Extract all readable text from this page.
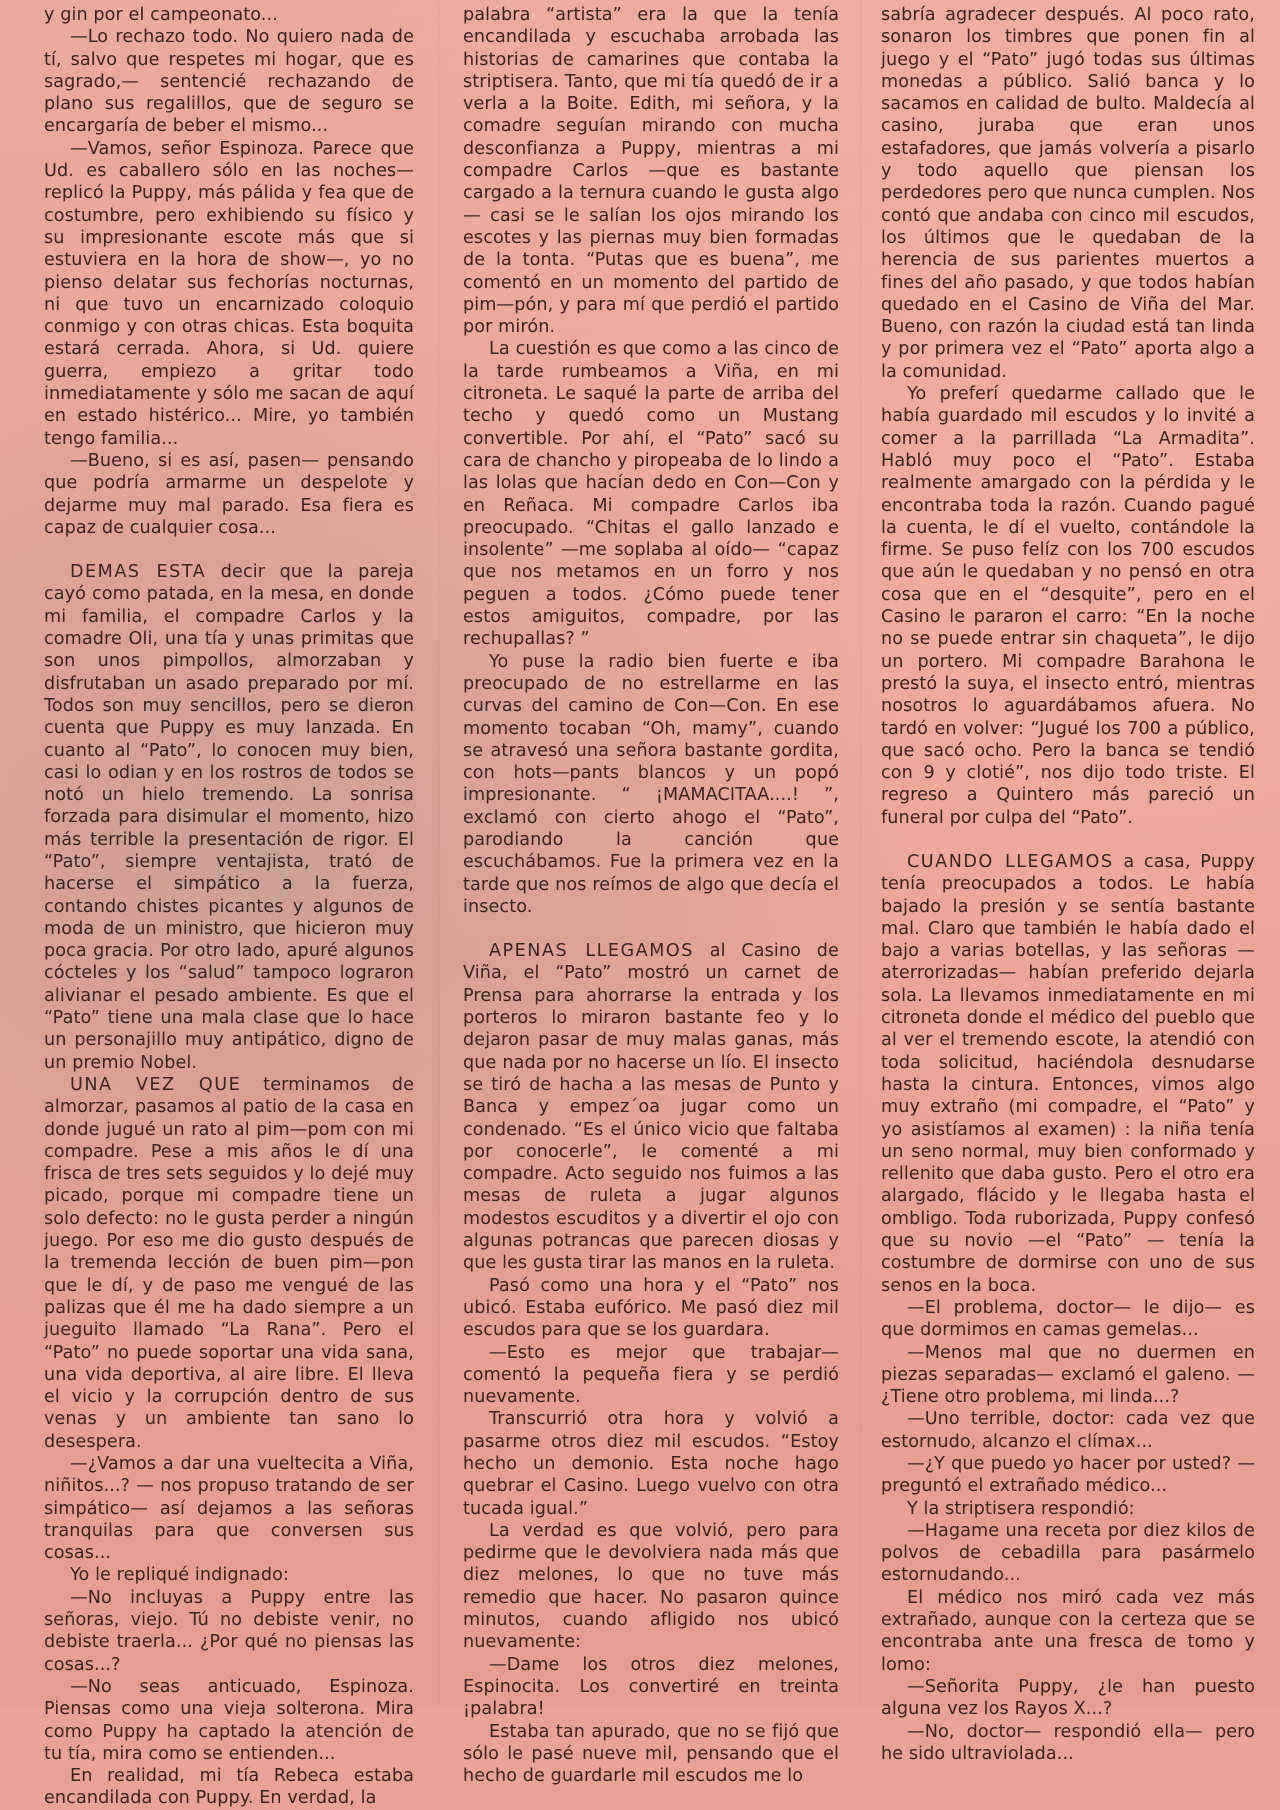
y gin por el campeonato...

—Lo rechazo todo. No quiero nada de tí, salvo que respetes mi hogar, que es sagrado,— sentencié rechazando de plano sus regalillos, que de seguro se encargaría de beber el mismo...

—Vamos, señor Espinoza. Parece que Ud. es caballero sólo en las noches— replicó la Puppy, más pálida y fea que de costumbre, pero exhibiendo su físico y su impresionante escote más que si estuviera en la hora de show—, yo no pienso delatar sus fechorías nocturnas, ni que tuvo un encarnizado coloquio conmigo y con otras chicas. Esta boquita estará cerrada. Ahora, si Ud. quiere guerra, empiezo a gritar todo inmediatamente y sólo me sacan de aquí en estado histérico... Mire, yo también tengo familia...

—Bueno, si es así, pasen— pensando que podría armarme un despelote y dejarme muy mal parado. Esa fiera es capaz de cualquier cosa...

DEMAS ESTA decir que la pareja cayó como patada, en la mesa, en donde mi familia, el compadre Carlos y la comadre Oli, una tía y unas primitas que son unos pimpollos, almorzaban y disfrutaban un asado preparado por mí. Todos son muy sencillos, pero se dieron cuenta que Puppy es muy lanzada. En cuanto al “Pato”, lo conocen muy bien, casi lo odian y en los rostros de todos se notó un hielo tremendo. La sonrisa forzada para disimular el momento, hizo más terrible la presentación de rigor. El “Pato”, siempre ventajista, trató de hacerse el simpático a la fuerza, contando chistes picantes y algunos de moda de un ministro, que hicieron muy poca gracia. Por otro lado, apuré algunos cócteles y los “salud” tampoco lograron alivianar el pesado ambiente. Es que el “Pato” tiene una mala clase que lo hace un personajillo muy antipático, digno de un premio Nobel.

UNA VEZ QUE terminamos de almorzar, pasamos al patio de la casa en donde jugué un rato al pim—pom con mi compadre. Pese a mis años le dí una frisca de tres sets seguidos y lo dejé muy picado, porque mi compadre tiene un solo defecto: no le gusta perder a ningún juego. Por eso me dio gusto después de la tremenda lección de buen pim—pon que le dí, y de paso me vengué de las palizas que él me ha dado siempre a un jueguito llamado “La Rana”. Pero el “Pato” no puede soportar una vida sana, una vida deportiva, al aire libre. El lleva el vicio y la corrupción dentro de sus venas y un ambiente tan sano lo desespera.

—¿Vamos a dar una vueltecita a Viña, niñitos...? — nos propuso tratando de ser simpático— así dejamos a las señoras tranquilas para que conversen sus cosas...

Yo le repliqué indignado:

—No incluyas a Puppy entre las señoras, viejo. Tú no debiste venir, no debiste traerla... ¿Por qué no piensas las cosas...?

—No seas anticuado, Espinoza. Piensas como una vieja solterona. Mira como Puppy ha captado la atención de tu tía, mira como se entienden...

En realidad, mi tía Rebeca estaba encandilada con Puppy. En verdad, la

palabra “artista” era la que la tenía encandilada y escuchaba arrobada las historias de camarines que contaba la striptisera. Tanto, que mi tía quedó de ir a verla a la Boite. Edith, mi señora, y la comadre seguían mirando con mucha desconfianza a Puppy, mientras a mi compadre Carlos —que es bastante cargado a la ternura cuando le gusta algo— casi se le salían los ojos mirando los escotes y las piernas muy bien formadas de la tonta. “Putas que es buena”, me comentó en un momento del partido de pim—pón, y para mí que perdió el partido por mirón.

La cuestión es que como a las cinco de la tarde rumbeamos a Viña, en mi citroneta. Le saqué la parte de arriba del techo y quedó como un Mustang convertible. Por ahí, el “Pato” sacó su cara de chancho y piropeaba de lo lindo a las lolas que hacían dedo en Con—Con y en Reñaca. Mi compadre Carlos iba preocupado. “Chitas el gallo lanzado e insolente” —me soplaba al oído— “capaz que nos metamos en un forro y nos peguen a todos. ¿Cómo puede tener estos amiguitos, compadre, por las rechupallas? ”

Yo puse la radio bien fuerte e iba preocupado de no estrellarme en las curvas del camino de Con—Con. En ese momento tocaban “Oh, mamy”, cuando se atravesó una señora bastante gordita, con hots—pants blancos y un popó impresionante. “ ¡MAMACITAA....! ”, exclamó con cierto ahogo el “Pato”, parodiando la canción que escuchábamos. Fue la primera vez en la tarde que nos reímos de algo que decía el insecto.

APENAS LLEGAMOS al Casino de Viña, el “Pato” mostró un carnet de Prensa para ahorrarse la entrada y los porteros lo miraron bastante feo y lo dejaron pasar de muy malas ganas, más que nada por no hacerse un lío. El insecto se tiró de hacha a las mesas de Punto y Banca y empez´oa jugar como un condenado. “Es el único vicio que faltaba por conocerle”, le comenté a mi compadre. Acto seguido nos fuimos a las mesas de ruleta a jugar algunos modestos escuditos y a divertir el ojo con algunas potrancas que parecen diosas y que les gusta tirar las manos en la ruleta.

Pasó como una hora y el “Pato” nos ubicó. Estaba eufórico. Me pasó diez mil escudos para que se los guardara.

—Esto es mejor que trabajar— comentó la pequeña fiera y se perdió nuevamente.

Transcurrió otra hora y volvió a pasarme otros diez mil escudos. “Estoy hecho un demonio. Esta noche hago quebrar el Casino. Luego vuelvo con otra tucada igual.”

La verdad es que volvió, pero para pedirme que le devolviera nada más que diez melones, lo que no tuve más remedio que hacer. No pasaron quince minutos, cuando afligido nos ubicó nuevamente:

—Dame los otros diez melones, Espinocita. Los convertiré en treinta ¡palabra!

Estaba tan apurado, que no se fijó que sólo le pasé nueve mil, pensando que el hecho de guardarle mil escudos me lo

sabría agradecer después. Al poco rato, sonaron los timbres que ponen fin al juego y el “Pato” jugó todas sus últimas monedas a público. Salió banca y lo sacamos en calidad de bulto. Maldecía al casino, juraba que eran unos estafadores, que jamás volvería a pisarlo y todo aquello que piensan los perdedores pero que nunca cumplen. Nos contó que andaba con cinco mil escudos, los últimos que le quedaban de la herencia de sus parientes muertos a fines del año pasado, y que todos habían quedado en el Casino de Viña del Mar. Bueno, con razón la ciudad está tan linda y por primera vez el “Pato” aporta algo a la comunidad.

Yo preferí quedarme callado que le había guardado mil escudos y lo invité a comer a la parrillada “La Armadita”. Habló muy poco el “Pato”. Estaba realmente amargado con la pérdida y le encontraba toda la razón. Cuando pagué la cuenta, le dí el vuelto, contándole la firme. Se puso felíz con los 700 escudos que aún le quedaban y no pensó en otra cosa que en el “desquite”, pero en el Casino le pararon el carro: “En la noche no se puede entrar sin chaqueta”, le dijo un portero. Mi compadre Barahona le prestó la suya, el insecto entró, mientras nosotros lo aguardábamos afuera. No tardó en volver: “Jugué los 700 a público, que sacó ocho. Pero la banca se tendió con 9 y clotié”, nos dijo todo triste. El regreso a Quintero más pareció un funeral por culpa del “Pato”.

CUANDO LLEGAMOS a casa, Puppy tenía preocupados a todos. Le había bajado la presión y se sentía bastante mal. Claro que también le había dado el bajo a varias botellas, y las señoras —aterrorizadas— habían preferido dejarla sola. La llevamos inmediatamente en mi citroneta donde el médico del pueblo que al ver el tremendo escote, la atendió con toda solicitud, haciéndola desnudarse hasta la cintura. Entonces, vimos algo muy extraño (mi compadre, el “Pato” y yo asistíamos al examen) : la niña tenía un seno normal, muy bien conformado y rellenito que daba gusto. Pero el otro era alargado, flácido y le llegaba hasta el ombligo. Toda ruborizada, Puppy confesó que su novio —el “Pato” — tenía la costumbre de dormirse con uno de sus senos en la boca.

—El problema, doctor— le dijo— es que dormimos en camas gemelas...

—Menos mal que no duermen en piezas separadas— exclamó el galeno. —¿Tiene otro problema, mi linda...?

—Uno terrible, doctor: cada vez que estornudo, alcanzo el clímax...

—¿Y que puedo yo hacer por usted? —preguntó el extrañado médico...

Y la striptisera respondió:

—Hagame una receta por diez kilos de polvos de cebadilla para pasármelo estornudando...

El médico nos miró cada vez más extrañado, aunque con la certeza que se encontraba ante una fresca de tomo y lomo:

—Señorita Puppy, ¿le han puesto alguna vez los Rayos X...?

—No, doctor— respondió ella— pero he sido ultraviolada...
